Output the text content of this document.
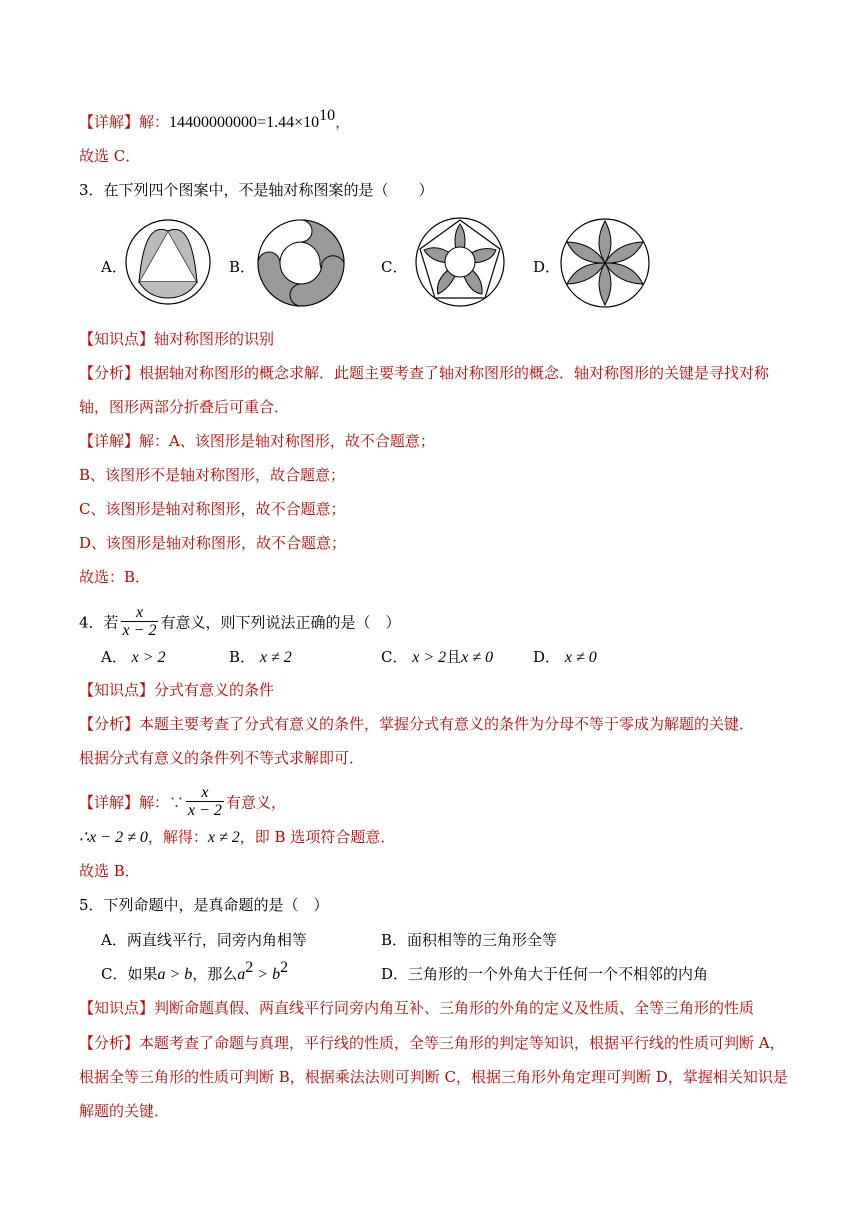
【详解】解：$14400000000=1.44\times 10^{10}$，
故选 C．
3．在下列四个图案中，不是轴对称图案的是（　　）
A．	B．	C．	D．
【知识点】轴对称图形的识别
【分析】根据轴对称图形的概念求解．此题主要考查了轴对称图形的概念．轴对称图形的关键是寻找对称
轴，图形两部分折叠后可重合．
【详解】解：A、该图形是轴对称图形，故不合题意；
B、该图形不是轴对称图形，故合题意；
C、该图形是轴对称图形，故不合题意；
D、该图形是轴对称图形，故不合题意；
故选：B．
4．若 $\frac{x}{x - 2}$ 有意义，则下列说法正确的是（　）
A． x > 2	B． x ≠ 2	C． x > 2且x ≠ 0	D． x ≠ 0
【知识点】分式有意义的条件
【分析】本题主要考查了分式有意义的条件，掌握分式有意义的条件为分母不等于零成为解题的关键．
根据分式有意义的条件列不等式求解即可．
【详解】解：∵ $\frac{x}{x - 2}$ 有意义，
∴x − 2 ≠ 0，解得：x ≠ 2，即 B 选项符合题意．
故选 B．
5．下列命题中，是真命题的是（　）
A．两直线平行，同旁内角相等	B．面积相等的三角形全等
C．如果a > b，那么$a^2 > b^2$	D．三角形的一个外角大于任何一个不相邻的内角
【知识点】判断命题真假、两直线平行同旁内角互补、三角形的外角的定义及性质、全等三角形的性质
【分析】本题考查了命题与真理，平行线的性质，全等三角形的判定等知识，根据平行线的性质可判断 A，
根据全等三角形的性质可判断 B，根据乘法法则可判断 C，根据三角形外角定理可判断 D，掌握相关知识是
解题的关键．
